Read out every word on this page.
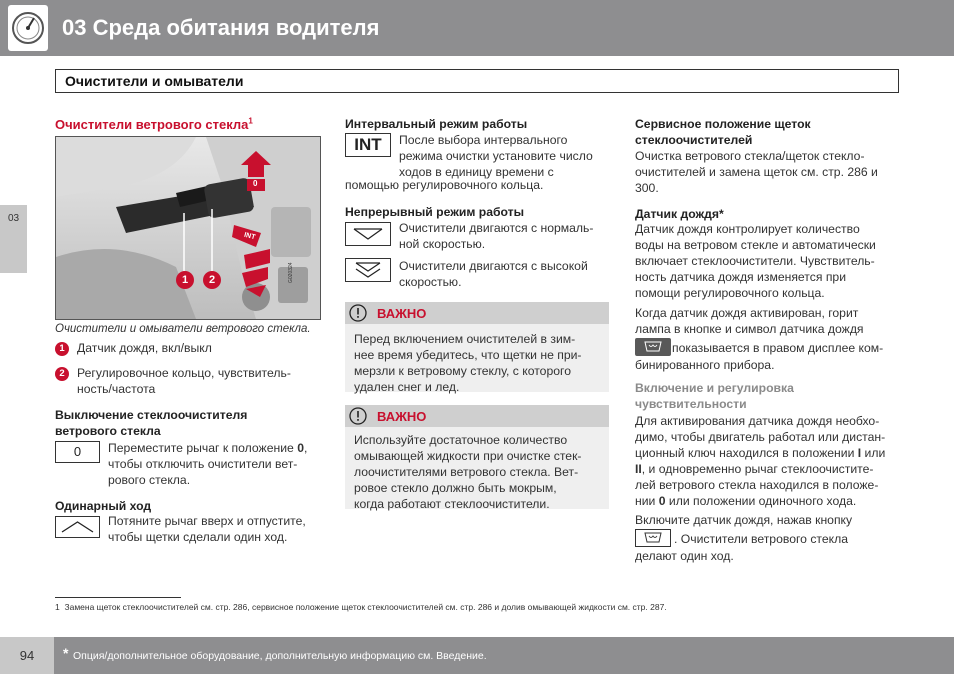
03 Среда обитания водителя
Очистители и омыватели
03
Очистители ветрового стекла$^1$
0
INT
G020324
1	2
Очистители и омыватели ветрового стекла.
1	Датчик дождя, вкл/выкл
2	Регулировочное кольцо, чувствитель-
ность/частота
Выключение стеклоочистителя
ветрового стекла
0	Переместите рычаг к положение 0,
чтобы отключить очистители вет-
рового стекла.
Одинарный ход
Потяните рычаг вверх и отпустите,
чтобы щетки сделали один ход.
Интервальный режим работы
INT	После выбора интервального
режима очистки установите число
ходов в единицу времени с
помощью регулировочного кольца.
Непрерывный режим работы
Очистители двигаются с нормаль-
ной скоростью.
Очистители двигаются с высокой
скоростью.
ВАЖНО
Перед включением очистителей в зим-
нее время убедитесь, что щетки не при-
мерзли к ветровому стеклу, с которого
удален снег и лед.
ВАЖНО
Используйте достаточное количество
омывающей жидкости при очистке стек-
лоочистителями ветрового стекла. Вет-
ровое стекло должно быть мокрым,
когда работают стеклоочистители.
Сервисное положение щеток
стеклоочистителей
Очистка ветрового стекла/щеток стекло-
очистителей и замена щеток см. стр. 286 и
300.
Датчик дождя*
Датчик дождя контролирует количество
воды на ветровом стекле и автоматически
включает стеклоочистители. Чувствитель-
ность датчика дождя изменяется при
помощи регулировочного кольца.
Когда датчик дождя активирован, горит
лампа в кнопке и символ датчика дождя
показывается в правом дисплее ком-
бинированного прибора.
Включение и регулировка
чувствительности
Для активирования датчика дождя необхо-
димо, чтобы двигатель работал или дистан-
ционный ключ находился в положении I или
II, и одновременно рычаг стеклоочистите-
лей ветрового стекла находился в положе-
нии 0 или положении одиночного хода.
Включите датчик дождя, нажав кнопку
. Очистители ветрового стекла
делают один ход.
1 Замена щеток стеклоочистителей см. стр. 286, сервисное положение щеток стеклоочистителей см. стр. 286 и долив омывающей жидкости см. стр. 287.
94	* Опция/дополнительное оборудование, дополнительную информацию см. Введение.
